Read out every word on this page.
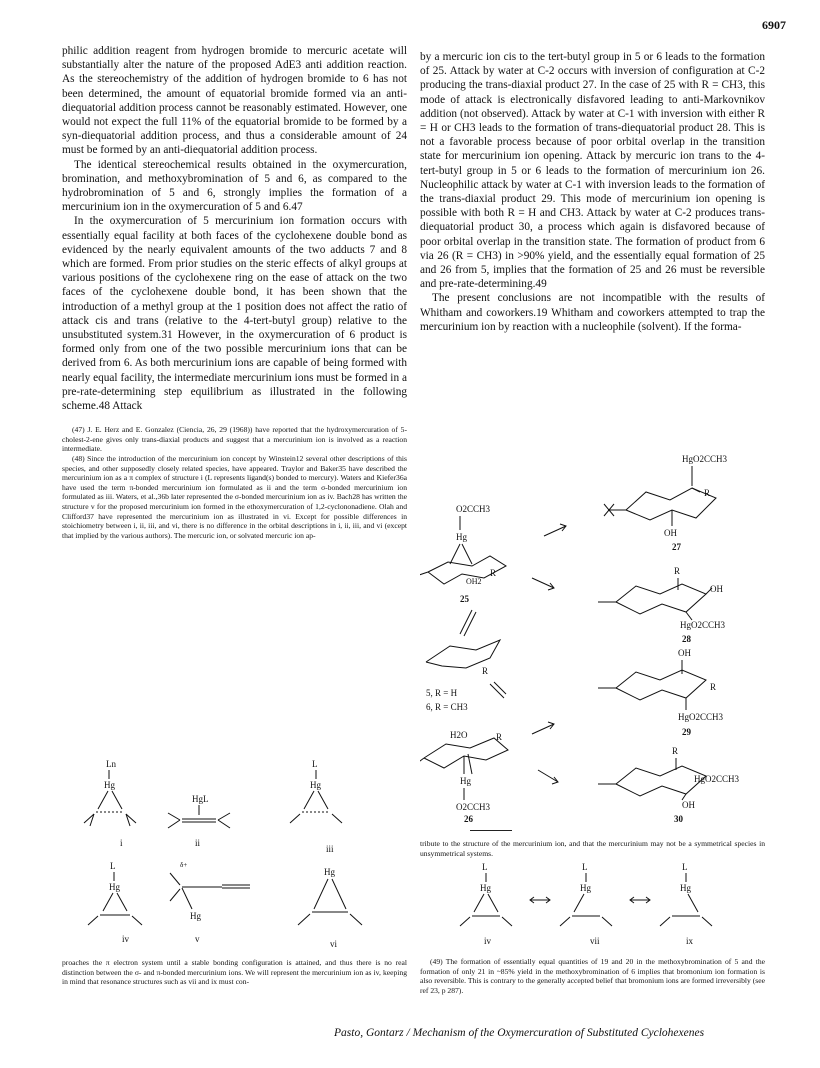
6907

philic addition reagent from hydrogen bromide to mercuric acetate will substantially alter the nature of the proposed AdE3 anti addition reaction. As the stereochemistry of the addition of hydrogen bromide to 6 has not been determined, the amount of equatorial bromide formed via an anti-diequatorial addition process cannot be reasonably estimated. However, one would not expect the full 11% of the equatorial bromide to be formed by a syn-diequatorial addition process, and thus a considerable amount of 24 must be formed by an anti-diequatorial addition process.

The identical stereochemical results obtained in the oxymercuration, bromination, and methoxybromination of 5 and 6, as compared to the hydrobromination of 5 and 6, strongly implies the formation of a mercurinium ion in the oxymercuration of 5 and 6.47

In the oxymercuration of 5 mercurinium ion formation occurs with essentially equal facility at both faces of the cyclohexene double bond as evidenced by the nearly equivalent amounts of the two adducts 7 and 8 which are formed. From prior studies on the steric effects of alkyl groups at various positions of the cyclohexene ring on the ease of attack on the two faces of the cyclohexene double bond, it has been shown that the introduction of a methyl group at the 1 position does not affect the ratio of attack cis and trans (relative to the 4-tert-butyl group) relative to the unsubstituted system.31 However, in the oxymercuration of 6 product is formed only from one of the two possible mercurinium ions that can be derived from 6. As both mercurinium ions are capable of being formed with nearly equal facility, the intermediate mercurinium ions must be formed in a pre-rate-determining step equilibrium as illustrated in the following scheme.48 Attack

(47) J. E. Herz and E. Gonzalez (Ciencia, 26, 29 (1968)) have reported that the hydroxymercuration of 5-cholest-2-ene gives only trans-diaxial products and suggest that a mercurinium ion is involved as a reaction intermediate.

(48) Since the introduction of the mercurinium ion concept by Winstein12 several other descriptions of this species, and other supposedly closely related species, have appeared. Traylor and Baker35 have described the mercurinium ion as a π complex of structure i (L represents ligand(s) bonded to mercury). Waters and Kiefer36a have used the term π-bonded mercurinium ion formulated as ii and the term σ-bonded mercurinium ion formulated as iii. Waters, et al.,36b later represented the σ-bonded mercurinium ion as iv. Bach28 has written the structure v for the proposed mercurinium ion formed in the ethoxymercuration of 1,2-cyclononadiene. Olah and Clifford37 have represented the mercurinium ion as illustrated in vi. Except for possible differences in stoichiometry between i, ii, iii, and vi, there is no difference in the orbital descriptions in i, ii, iii, and vi (except that implied by the various authors). The mercuric ion, or solvated mercuric ion ap-

Ln
Hg
i
HgL
ii
L
Hg
iii
L
Hg
iv
δ+
Hg
v
Hg
vi

proaches the π electron system until a stable bonding configuration is attained, and thus there is no real distinction between the σ- and π-bonded mercurinium ions. We will represent the mercurinium ion as iv, keeping in mind that resonance structures such as vii and ix must con-

by a mercuric ion cis to the tert-butyl group in 5 or 6 leads to the formation of 25. Attack by water at C-2 occurs with inversion of configuration at C-2 producing the trans-diaxial product 27. In the case of 25 with R = CH3, this mode of attack is electronically disfavored leading to anti-Markovnikov addition (not observed). Attack by water at C-1 with inversion with either R = H or CH3 leads to the formation of trans-diequatorial product 28. This is not a favorable process because of poor orbital overlap in the transition state for mercurinium ion opening. Attack by mercuric ion trans to the 4-tert-butyl group in 5 or 6 leads to the formation of mercurinium ion 26. Nucleophilic attack by water at C-1 with inversion leads to the formation of the trans-diaxial product 29. This mode of mercurinium ion opening is possible with both R = H and CH3. Attack by water at C-2 produces trans-diequatorial product 30, a process which again is disfavored because of poor orbital overlap in the transition state. The formation of product from 6 via 26 (R = CH3) in >90% yield, and the essentially equal formation of 25 and 26 from 5, implies that the formation of 25 and 26 must be reversible and pre-rate-determining.49

The present conclusions are not incompatible with the results of Whitham and coworkers.19 Whitham and coworkers attempted to trap the mercurinium ion by reaction with a nucleophile (solvent). If the forma-

HgO2CCH3
R
OH
27
O2CCH3
Hg
R
OH2
25
R
OH
HgO2CCH3
28
R
5, R = H
6, R = CH3
OH
R
HgO2CCH3
29
H2O	R
Hg
O2CCH3
26
R
HgO2CCH3
OH
30

tribute to the structure of the mercurinium ion, and that the mercurinium may not be a symmetrical species in unsymmetrical systems.

L
Hg
iv
L
Hg
vii
L
Hg
ix

(49) The formation of essentially equal quantities of 19 and 20 in the methoxybromination of 5 and the formation of only 21 in ~85% yield in the methoxybromination of 6 implies that bromonium ion formation is also reversible. This is contrary to the generally accepted belief that bromonium ions are formed irreversibly (see ref 23, p 287).

Pasto, Gontarz / Mechanism of the Oxymercuration of Substituted Cyclohexenes
